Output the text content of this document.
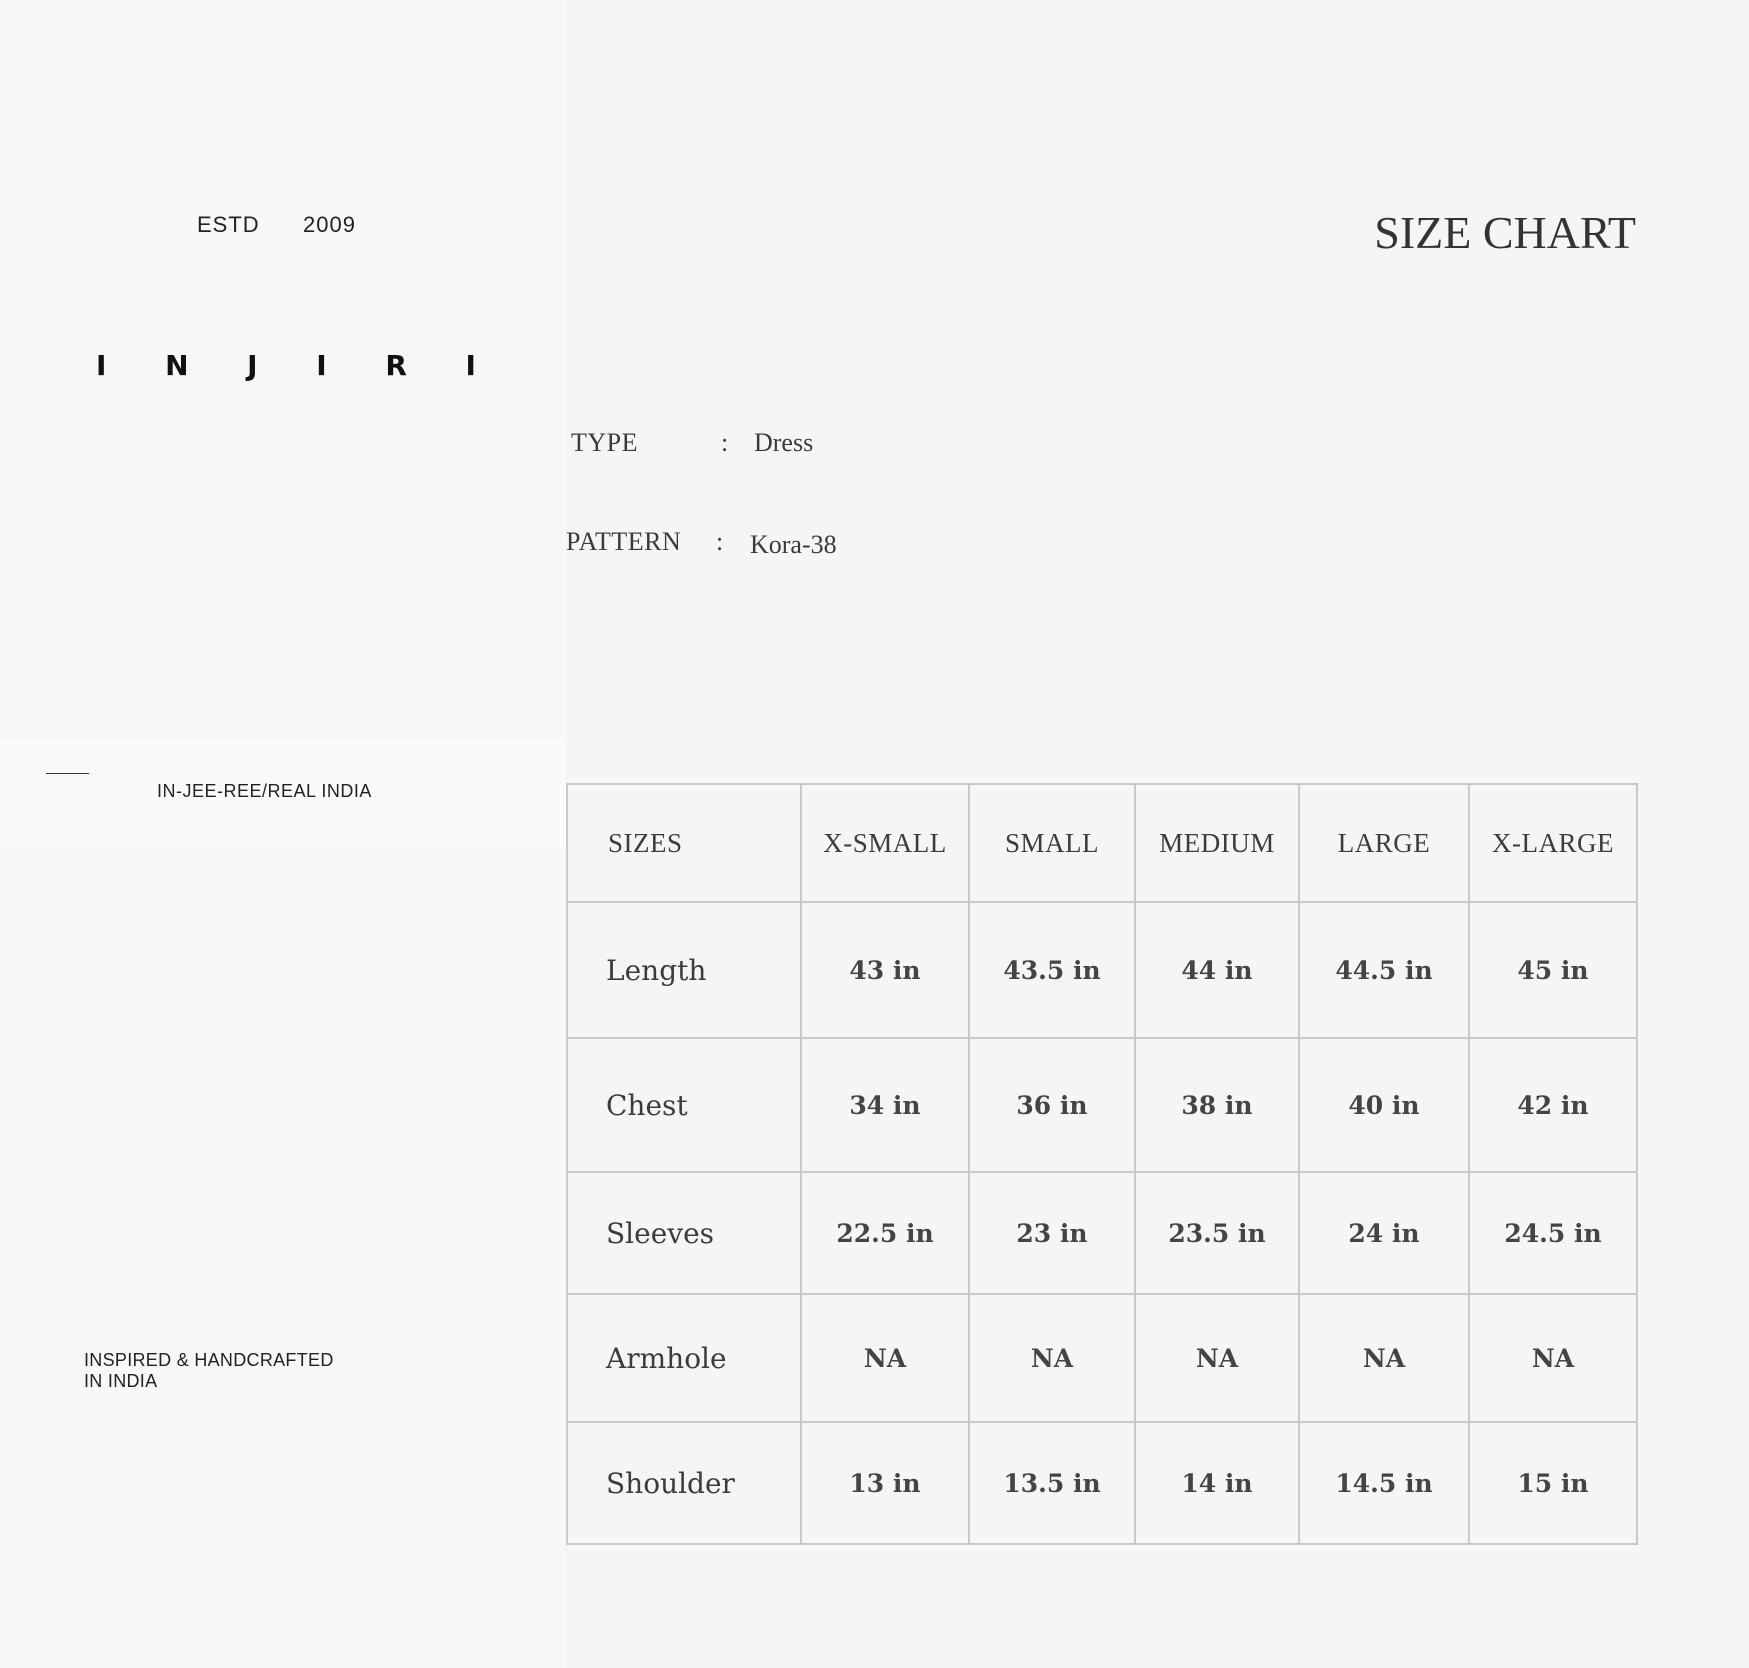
ESTD 2009
I N J I R I
IN-JEE-REE/REAL INDIA
INSPIRED & HANDCRAFTED
IN INDIA
SIZE CHART
TYPE	: Dress
PATTERN : Kora-38
SIZES	X-SMALL	SMALL	MEDIUM	LARGE	X-LARGE
Length	43 in	43.5 in	44 in	44.5 in	45 in
Chest	34 in	36 in	38 in	40 in	42 in
Sleeves	22.5 in	23 in	23.5 in	24 in	24.5 in
Armhole	NA	NA	NA	NA	NA
Shoulder	13 in	13.5 in	14 in	14.5 in	15 in
